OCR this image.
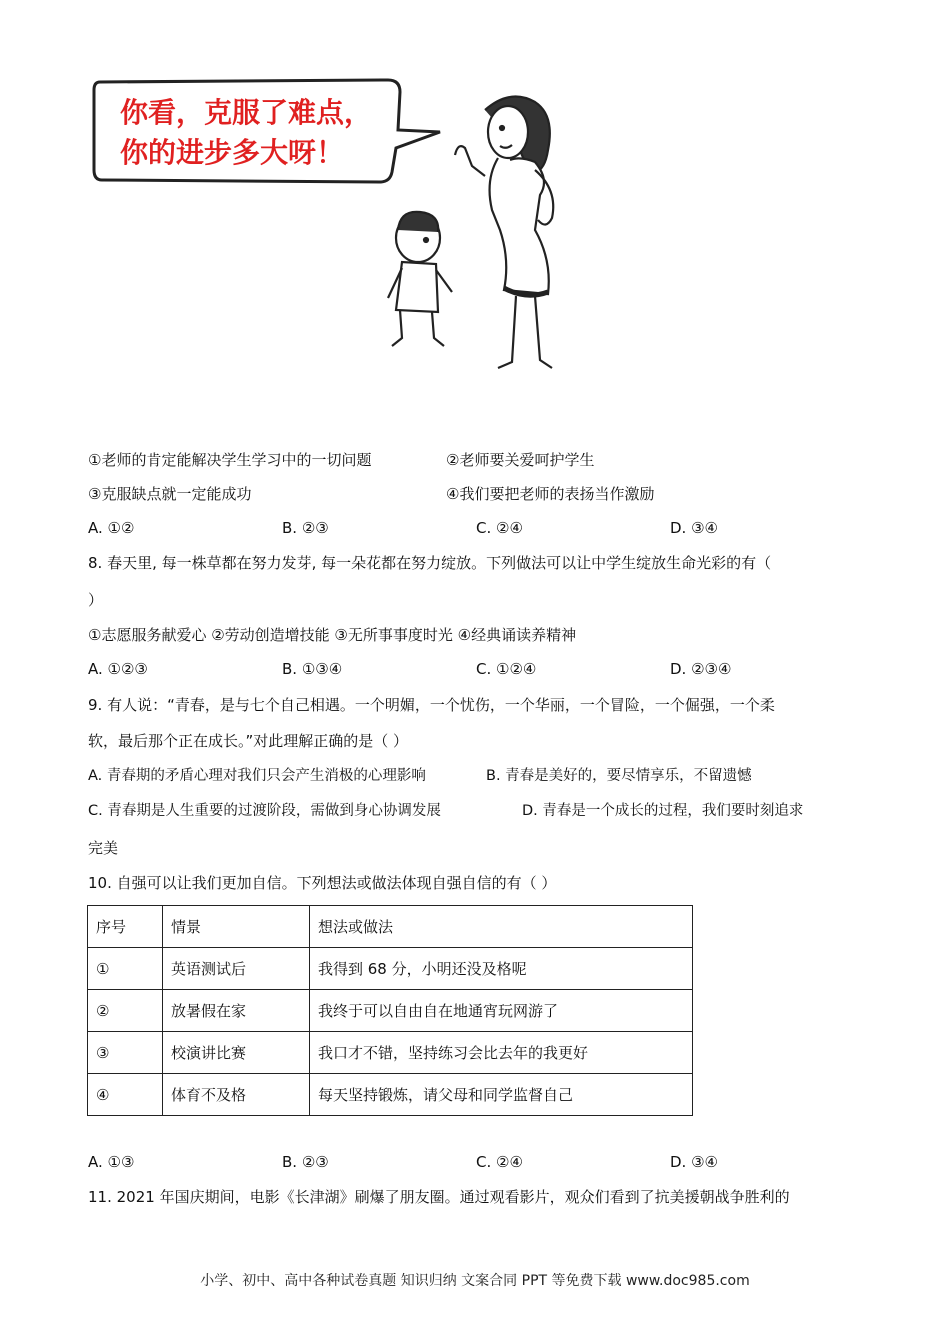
你看，克服了难点，
你的进步多大呀！
①老师的肯定能解决学生学习中的一切问题	②老师要关爱呵护学生
③克服缺点就一定能成功	④我们要把老师的表扬当作激励
A. ①②	B. ②③	C. ②④	D. ③④
8. 春天里, 每一株草都在努力发芽, 每一朵花都在努力绽放。下列做法可以让中学生绽放生命光彩的有（
）
①志愿服务献爱心 ②劳动创造增技能 ③无所事事度时光 ④经典诵读养精神
A. ①②③	B. ①③④	C. ①②④	D. ②③④
9. 有人说：“青春，是与七个自己相遇。一个明媚，一个忧伤，一个华丽，一个冒险，一个倔强，一个柔
软，最后那个正在成长。”对此理解正确的是（ ）
A. 青春期的矛盾心理对我们只会产生消极的心理影响	B. 青春是美好的，要尽情享乐，不留遗憾
C. 青春期是人生重要的过渡阶段，需做到身心协调发展	D. 青春是一个成长的过程，我们要时刻追求
完美
10. 自强可以让我们更加自信。下列想法或做法体现自强自信的有（ ）
序号	情景	想法或做法
①	英语测试后	我得到 68 分，小明还没及格呢
②	放暑假在家	我终于可以自由自在地通宵玩网游了
③	校演讲比赛	我口才不错，坚持练习会比去年的我更好
④	体育不及格	每天坚持锻炼，请父母和同学监督自己
A. ①③	B. ②③	C. ②④	D. ③④
11. 2021 年国庆期间，电影《长津湖》刷爆了朋友圈。通过观看影片，观众们看到了抗美援朝战争胜利的
小学、初中、高中各种试卷真题 知识归纳 文案合同 PPT 等免费下载 www.doc985.com
